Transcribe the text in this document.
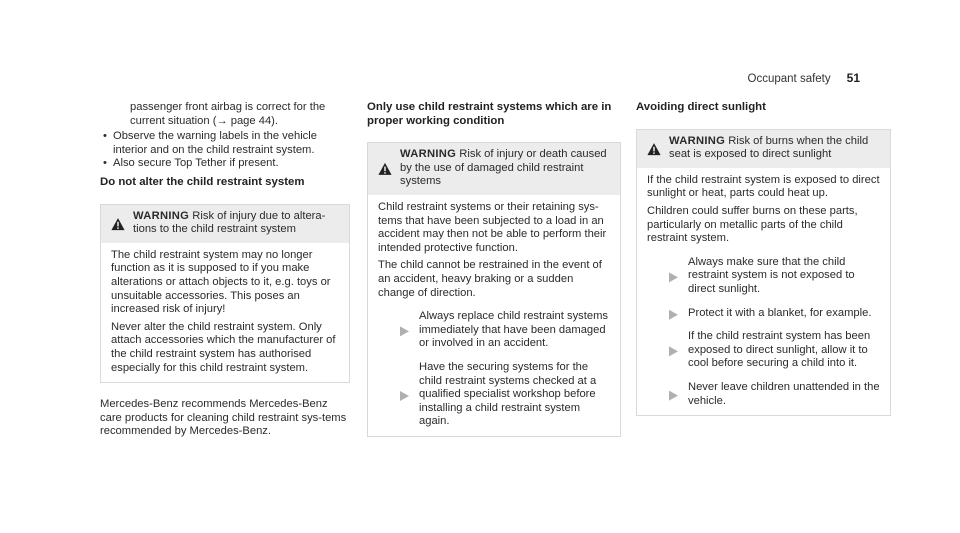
Occupant safety 51

passenger front airbag is correct for the current situation (→ page 44).

• Observe the warning labels in the vehicle interior and on the child restraint system.
• Also secure Top Tether if present.
Do not alter the child restraint system
WARNING Risk of injury due to altera-tions to the child restraint system

The child restraint system may no longer function as it is supposed to if you make alterations or attach objects to it, e.g. toys or unsuitable accessories. This poses an increased risk of injury!

Never alter the child restraint system. Only attach accessories which the manufacturer of the child restraint system has authorised especially for this child restraint system.

Mercedes-Benz recommends Mercedes-Benz care products for cleaning child restraint sys-tems recommended by Mercedes-Benz.

Only use child restraint systems which are in proper working condition
WARNING Risk of injury or death caused by the use of damaged child restraint systems

Child restraint systems or their retaining sys-tems that have been subjected to a load in an accident may then not be able to perform their intended protective function.

The child cannot be restrained in the event of an accident, heavy braking or a sudden change of direction.

Always replace child restraint systems immediately that have been damaged or involved in an accident.
Have the securing systems for the child restraint systems checked at a qualified specialist workshop before installing a child restraint system again.
Avoiding direct sunlight
WARNING Risk of burns when the child seat is exposed to direct sunlight

If the child restraint system is exposed to direct sunlight or heat, parts could heat up.

Children could suffer burns on these parts, particularly on metallic parts of the child restraint system.

Always make sure that the child restraint system is not exposed to direct sunlight.
Protect it with a blanket, for example.
If the child restraint system has been exposed to direct sunlight, allow it to cool before securing a child into it.
Never leave children unattended in the vehicle.
